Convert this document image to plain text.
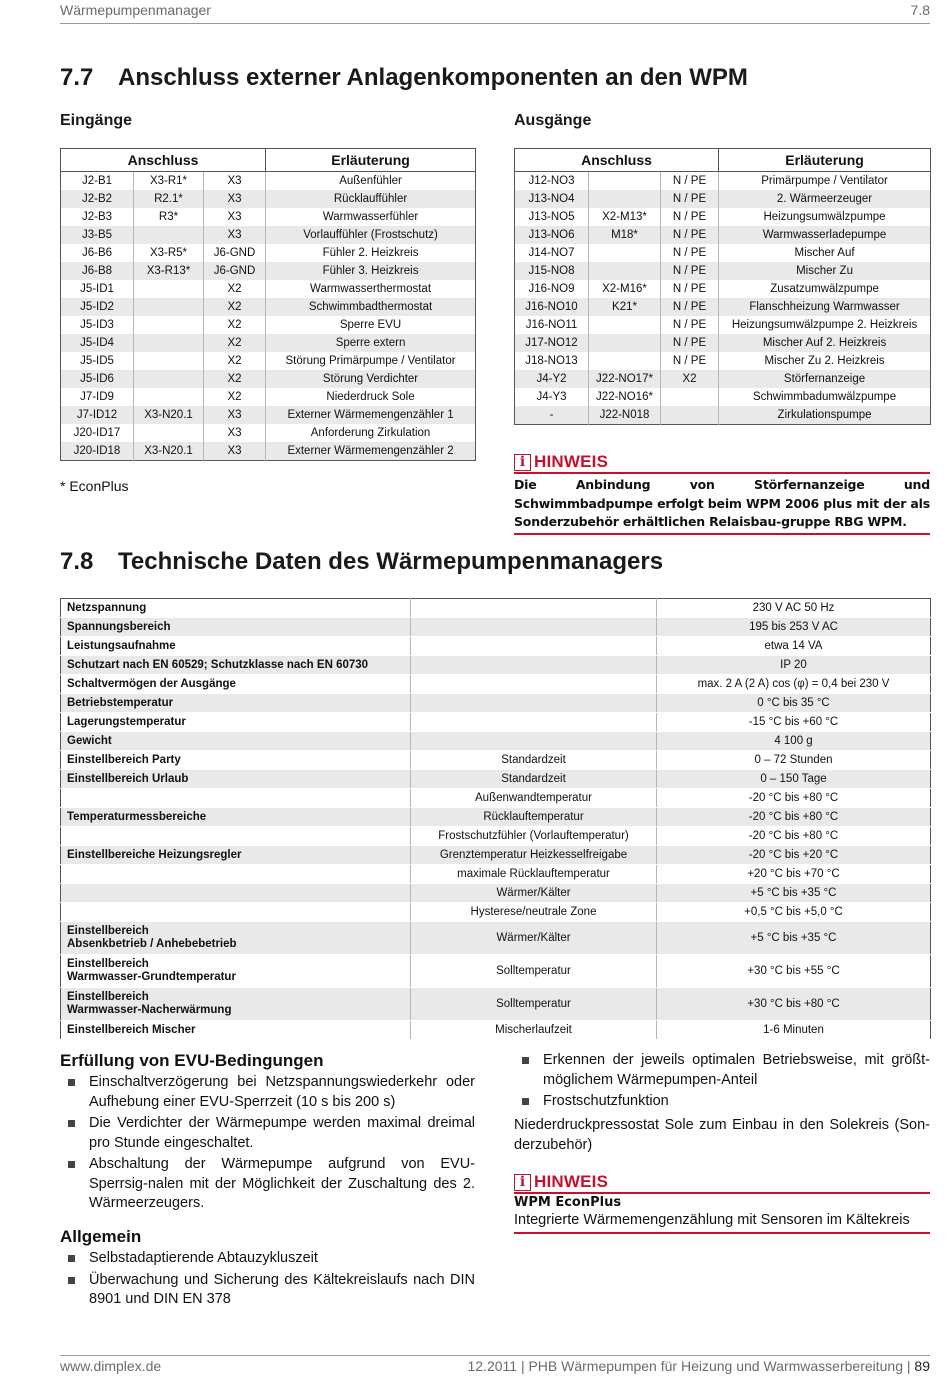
Wärmepumpenmanager	7.8
7.7 Anschluss externer Anlagenkomponenten an den WPM
Eingänge	Ausgänge
Anschluss			Erläuterung
J2-B1	X3-R1*	X3	Außenfühler
J2-B2	R2.1*	X3	Rücklauffühler
J2-B3	R3*	X3	Warmwasserfühler
J3-B5		X3	Vorlauffühler (Frostschutz)
J6-B6	X3-R5*	J6-GND	Fühler 2. Heizkreis
J6-B8	X3-R13*	J6-GND	Fühler 3. Heizkreis
J5-ID1		X2	Warmwasserthermostat
J5-ID2		X2	Schwimmbadthermostat
J5-ID3		X2	Sperre EVU
J5-ID4		X2	Sperre extern
J5-ID5		X2	Störung Primärpumpe / Ventilator
J5-ID6		X2	Störung Verdichter
J7-ID9		X2	Niederdruck Sole
J7-ID12	X3-N20.1	X3	Externer Wärmemengenzähler 1
J20-ID17		X3	Anforderung Zirkulation
J20-ID18	X3-N20.1	X3	Externer Wärmemengenzähler 2
* EconPlus
Anschluss			Erläuterung
J12-NO3		N / PE	Primärpumpe / Ventilator
J13-NO4		N / PE	2. Wärmeerzeuger
J13-NO5	X2-M13*	N / PE	Heizungsumwälzpumpe
J13-NO6	M18*	N / PE	Warmwasserladepumpe
J14-NO7		N / PE	Mischer Auf
J15-NO8		N / PE	Mischer Zu
J16-NO9	X2-M16*	N / PE	Zusatzumwälzpumpe
J16-NO10	K21*	N / PE	Flanschheizung Warmwasser
J16-NO11		N / PE	Heizungsumwälzpumpe 2. Heizkreis
J17-NO12		N / PE	Mischer Auf 2. Heizkreis
J18-NO13		N / PE	Mischer Zu 2. Heizkreis
J4-Y2	J22-NO17*	X2	Störfernanzeige
J4-Y3	J22-NO16*		Schwimmbadumwälzpumpe
-	J22-N018		Zirkulationspumpe
i HINWEIS
Die Anbindung von Störfernanzeige und Schwimmbadpumpe erfolgt beim WPM 2006 plus mit der als Sonderzubehör erhältlichen Relaisbau-gruppe RBG WPM.
7.8 Technische Daten des Wärmepumpenmanagers
Netzspannung		230 V AC 50 Hz
Spannungsbereich		195 bis 253 V AC
Leistungsaufnahme		etwa 14 VA
Schutzart nach EN 60529; Schutzklasse nach EN 60730		IP 20
Schaltvermögen der Ausgänge		max. 2 A (2 A) cos (φ) = 0,4 bei 230 V
Betriebstemperatur		0 °C bis 35 °C
Lagerungstemperatur		-15 °C bis +60 °C
Gewicht		4 100 g
Einstellbereich Party	Standardzeit	0 – 72 Stunden
Einstellbereich Urlaub	Standardzeit	0 – 150 Tage
	Außenwandtemperatur	-20 °C bis +80 °C
Temperaturmessbereiche	Rücklauftemperatur	-20 °C bis +80 °C
	Frostschutzfühler (Vorlauftemperatur)	-20 °C bis +80 °C
Einstellbereiche Heizungsregler	Grenztemperatur Heizkesselfreigabe	-20 °C bis +20 °C
	maximale Rücklauftemperatur	+20 °C bis +70 °C
	Wärmer/Kälter	+5 °C bis +35 °C
	Hysterese/neutrale Zone	+0,5 °C bis +5,0 °C

Einstellbereich
Absenkbetrieb / Anhebebetrieb	Wärmer/Kälter	+5 °C bis +35 °C

Einstellbereich
Warmwasser-Grundtemperatur	Solltemperatur	+30 °C bis +55 °C

Einstellbereich
Warmwasser-Nacherwärmung	Solltemperatur	+30 °C bis +80 °C
Einstellbereich Mischer	Mischerlaufzeit	1-6 Minuten
Erfüllung von EVU-Bedingungen
Einschaltverzögerung bei Netzspannungswiederkehr oder Aufhebung einer EVU-Sperrzeit (10 s bis 200 s)
Die Verdichter der Wärmepumpe werden maximal dreimal pro Stunde eingeschaltet.
Abschaltung der Wärmepumpe aufgrund von EVU-Sperrsig-nalen mit der Möglichkeit der Zuschaltung des 2. Wärmeerzeugers.
Allgemein
Selbstadaptierende Abtauzykluszeit
Überwachung und Sicherung des Kältekreislaufs nach DIN 8901 und DIN EN 378
Erkennen der jeweils optimalen Betriebsweise, mit größt-möglichem Wärmepumpen-Anteil
Frostschutzfunktion
Niederdruckpressostat Sole zum Einbau in den Solekreis (Son-derzubehör)
i HINWEIS
WPM EconPlus
Integrierte Wärmemengenzählung mit Sensoren im Kältekreis
www.dimplex.de	12.2011 | PHB Wärmepumpen für Heizung und Warmwasserbereitung | 89
